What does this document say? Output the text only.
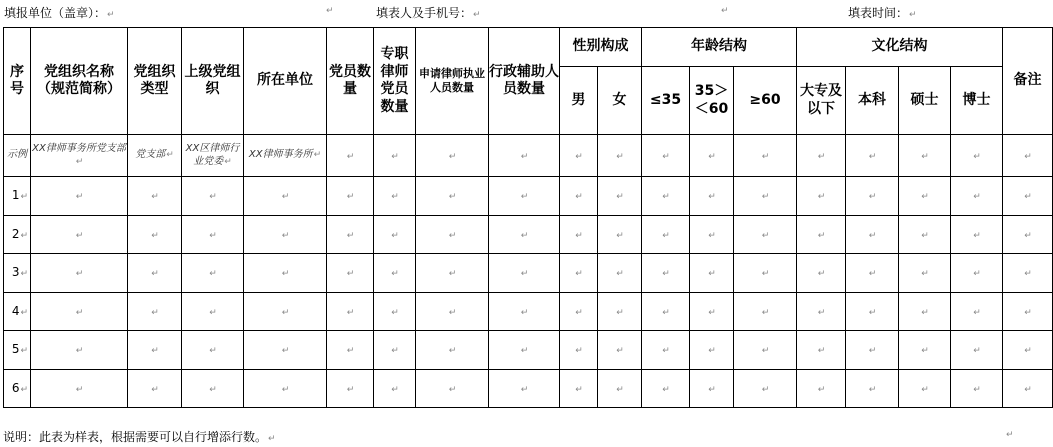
填报单位（盖章）：↵	↵	填表人及手机号：↵	↵	填表时间：↵
序号	党组织名称（规范简称）	党组织类型	上级党组织	所在单位	党员数量	专职律师党员数量	申请律师执业人员数量	行政辅助人员数量	性别构成		年龄结构			文化结构				备注
									男	女	≤35	35＞＜60	≥60	大专及以下	本科	硕士	博士	
示例	XX律师事务所党支部↵	党支部↵	XX区律师行业党委↵	XX律师事务所↵	↵	↵	↵	↵	↵	↵	↵	↵	↵	↵	↵	↵	↵	↵
1↵	↵	↵	↵	↵	↵	↵	↵	↵	↵	↵	↵	↵	↵	↵	↵	↵	↵	↵
2↵	↵	↵	↵	↵	↵	↵	↵	↵	↵	↵	↵	↵	↵	↵	↵	↵	↵	↵
3↵	↵	↵	↵	↵	↵	↵	↵	↵	↵	↵	↵	↵	↵	↵	↵	↵	↵	↵
4↵	↵	↵	↵	↵	↵	↵	↵	↵	↵	↵	↵	↵	↵	↵	↵	↵	↵	↵
5↵	↵	↵	↵	↵	↵	↵	↵	↵	↵	↵	↵	↵	↵	↵	↵	↵	↵	↵
6↵	↵	↵	↵	↵	↵	↵	↵	↵	↵	↵	↵	↵	↵	↵	↵	↵	↵	↵
说明：此表为样表，根据需要可以自行增添行数。↵	↵
